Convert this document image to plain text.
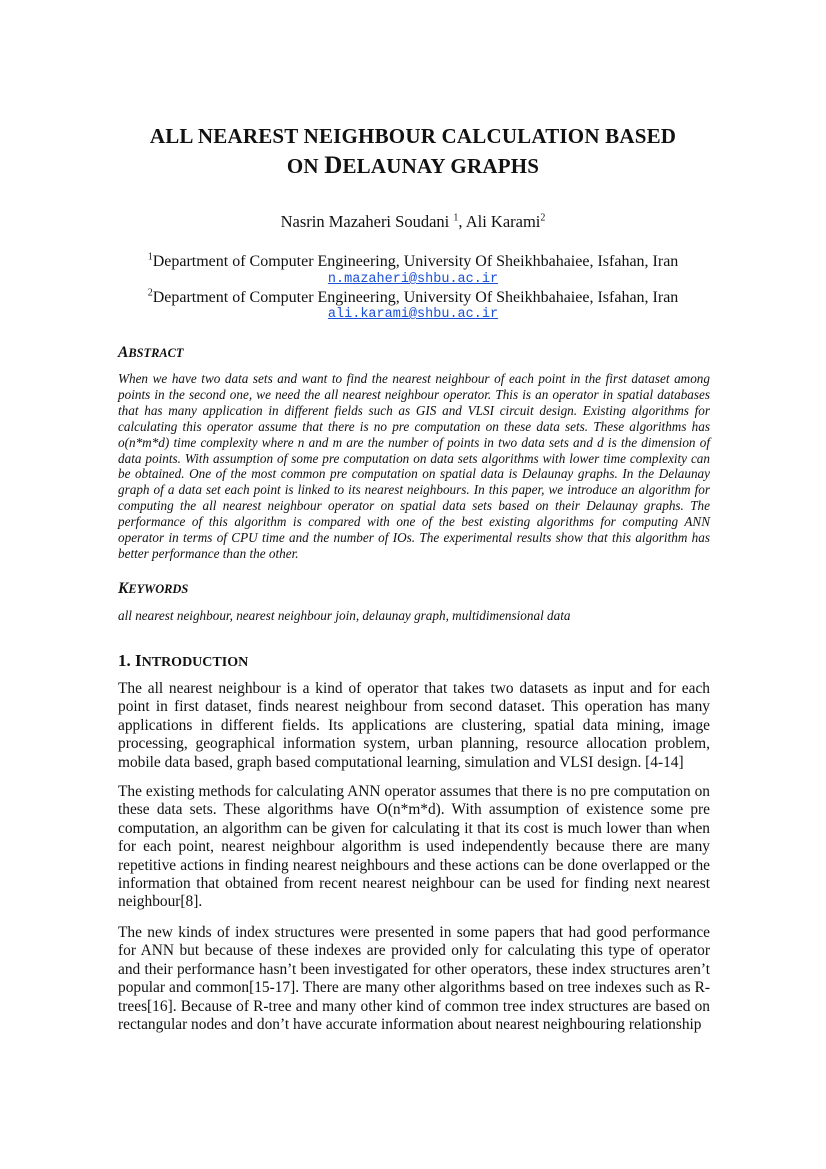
ALL NEAREST NEIGHBOUR CALCULATION BASED
ON DELAUNAY GRAPHS
Nasrin Mazaheri Soudani $^1$, Ali Karami$^2$
$^1$Department of Computer Engineering, University Of Sheikhbahaiee, Isfahan, Iran
n.mazaheri@shbu.ac.ir
$^2$Department of Computer Engineering, University Of Sheikhbahaiee, Isfahan, Iran
ali.karami@shbu.ac.ir
ABSTRACT
When we have two data sets and want to find the nearest neighbour of each point in the first dataset among points in the second one, we need the all nearest neighbour operator. This is an operator in spatial databases that has many application in different fields such as GIS and VLSI circuit design. Existing algorithms for calculating this operator assume that there is no pre computation on these data sets. These algorithms has o(n*m*d) time complexity where n and m are the number of points in two data sets and d is the dimension of data points. With assumption of some pre computation on data sets algorithms with lower time complexity can be obtained. One of the most common pre computation on spatial data is Delaunay graphs. In the Delaunay graph of a data set each point is linked to its nearest neighbours. In this paper, we introduce an algorithm for computing the all nearest neighbour operator on spatial data sets based on their Delaunay graphs. The performance of this algorithm is compared with one of the best existing algorithms for computing ANN operator in terms of CPU time and the number of IOs. The experimental results show that this algorithm has better performance than the other.
KEYWORDS
all nearest neighbour, nearest neighbour join, delaunay graph, multidimensional data
1. INTRODUCTION
The all nearest neighbour is a kind of operator that takes two datasets as input and for each point in first dataset, finds nearest neighbour from second dataset. This operation has many applications in different fields. Its applications are clustering, spatial data mining, image processing, geographical information system, urban planning, resource allocation problem, mobile data based, graph based computational learning, simulation and VLSI design. [4-14]
The existing methods for calculating ANN operator assumes that there is no pre computation on these data sets. These algorithms have O(n*m*d). With assumption of existence some pre computation, an algorithm can be given for calculating it that its cost is much lower than when for each point, nearest neighbour algorithm is used independently because there are many repetitive actions in finding nearest neighbours and these actions can be done overlapped or the information that obtained from recent nearest neighbour can be used for finding next nearest neighbour[8].
The new kinds of index structures were presented in some papers that had good performance for ANN but because of these indexes are provided only for calculating this type of operator and their performance hasn’t been investigated for other operators, these index structures aren’t popular and common[15-17]. There are many other algorithms based on tree indexes such as R-trees[16]. Because of R-tree and many other kind of common tree index structures are based on rectangular nodes and don’t have accurate information about nearest neighbouring relationship
